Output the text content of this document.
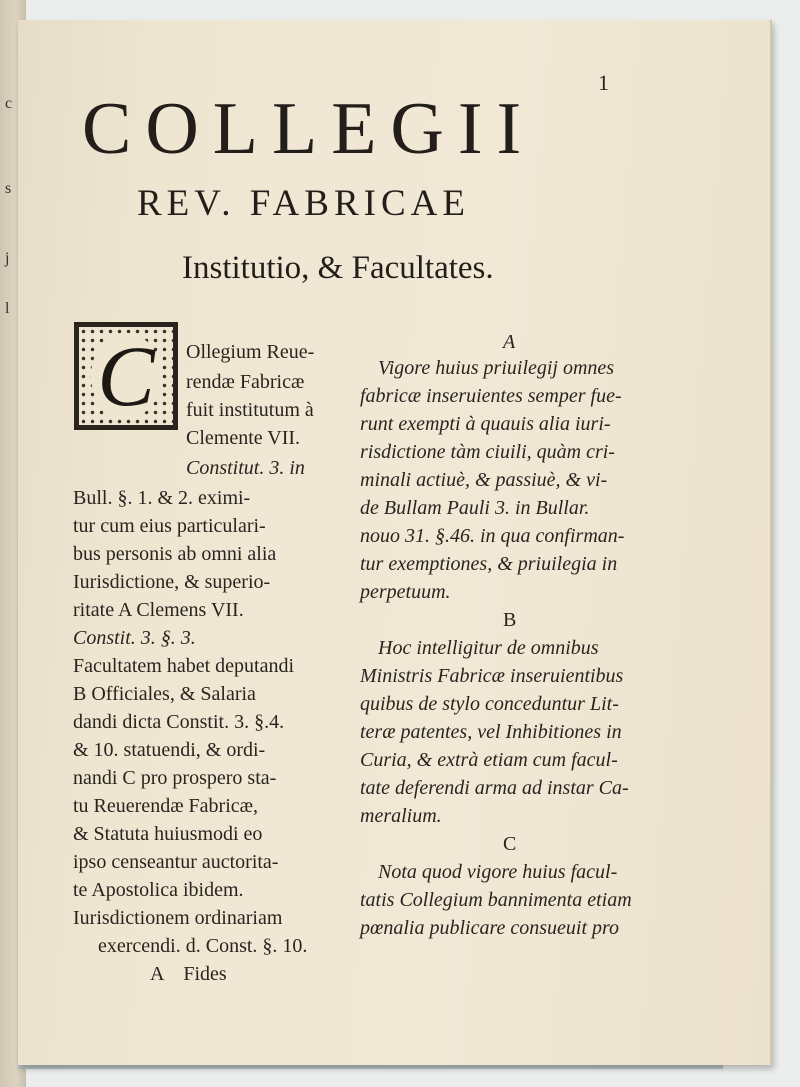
c
s
j
l
1
COLLEGII
REV. FABRICAE
Institutio, & Facultates.
C	Ollegium Reue-
rendæ Fabricæ
fuit institutum à
Clemente VII.
Constitut. 3. in
Bull. §. 1. & 2. eximi-
tur cum eius particulari-
bus personis ab omni alia
Iurisdictione, & superio-
ritate A Clemens VII.
Constit. 3. §. 3.
Facultatem habet deputandi
B Officiales, & Salaria
dandi dicta Constit. 3. §.4.
& 10. statuendi, & ordi-
nandi C pro prospero sta-
tu Reuerendæ Fabricæ,
& Statuta huiusmodi eo
ipso censeantur auctorita-
te Apostolica ibidem.
Iurisdictionem ordinariam
exercendi. d. Const. §. 10.
A    Fides
A
Vigore huius priuilegij omnes
fabricæ inseruientes semper fue-
runt exempti à quauis alia iuri-
risdictione tàm ciuili, quàm cri-
minali actiuè, & passiuè, & vi-
de Bullam Pauli 3. in Bullar.
nouo 31. §.46. in qua confirman-
tur exemptiones, & priuilegia in
perpetuum.
B
Hoc intelligitur de omnibus
Ministris Fabricæ inseruientibus
quibus de stylo conceduntur Lit-
teræ patentes, vel Inhibitiones in
Curia, & extrà etiam cum facul-
tate deferendi arma ad instar Ca-
meralium.
C
Nota quod vigore huius facul-
tatis Collegium bannimenta etiam
pœnalia publicare consueuit pro
